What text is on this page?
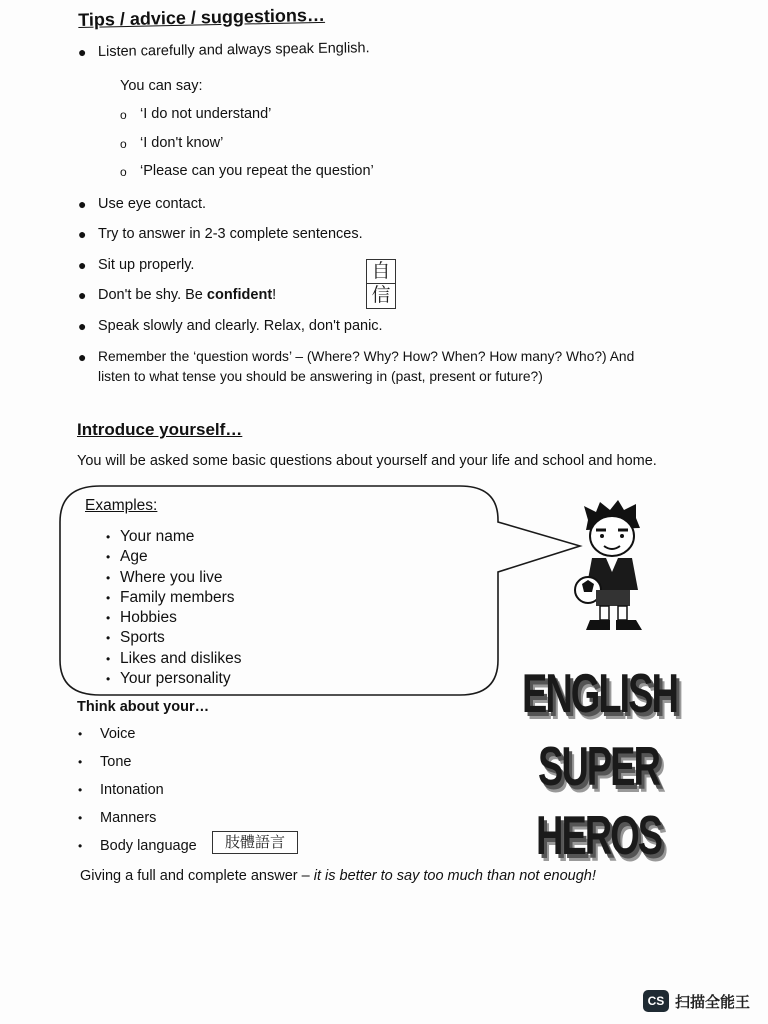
Tips / advice / suggestions…
● Listen carefully and always speak English.
You can say:
o ‘I do not understand’
o ‘I don't know’
o ‘Please can you repeat the question’
● Use eye contact.
● Try to answer in 2-3 complete sentences.
● Sit up properly.
● Don't be shy. Be confident!
● Speak slowly and clearly. Relax, don't panic.
● Remember the ‘question words’ – (Where? Why? How? When? How many? Who?) And
listen to what tense you should be answering in (past, present or future?)
自
信
Introduce yourself…
You will be asked some basic questions about yourself and your life and school and home.
Examples:
• Your name
• Age
• Where you live
• Family members
• Hobbies
• Sports
• Likes and dislikes
• Your personality	ENGLISH
SUPER
HEROS
Think about your…
• Voice
• Tone
• Intonation
• Manners
• Body language	肢體語言
Giving a full and complete answer – it is better to say too much than not enough!
CS 扫描全能王
